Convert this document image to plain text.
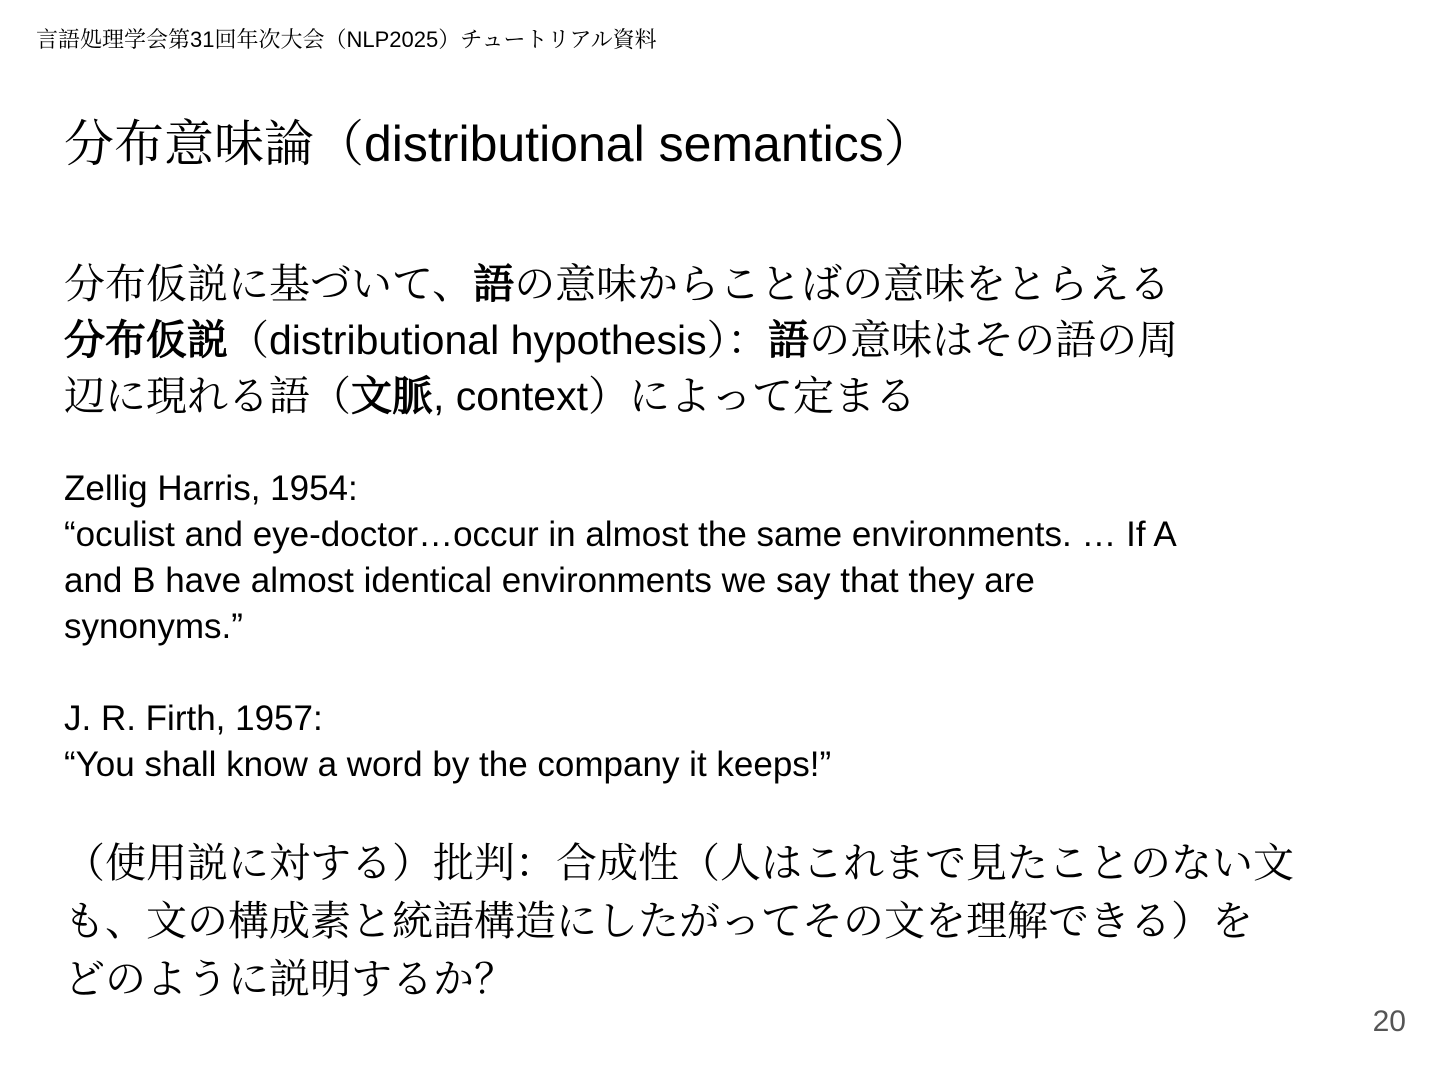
言語処理学会第31回年次大会（NLP2025）チュートリアル資料
分布意味論（distributional semantics）
分布仮説に基づいて、語の意味からことばの意味をとらえる
分布仮説（distributional hypothesis）：語の意味はその語の周
辺に現れる語（文脈, context）によって定まる
Zellig Harris, 1954:
“oculist and eye-doctor…occur in almost the same environments. … If A
and B have almost identical environments we say that they are
synonyms.”
J. R. Firth, 1957:
“You shall know a word by the company it keeps!”
（使用説に対する）批判：合成性（人はこれまで見たことのない文
も、文の構成素と統語構造にしたがってその文を理解できる）を
どのように説明するか？
20
